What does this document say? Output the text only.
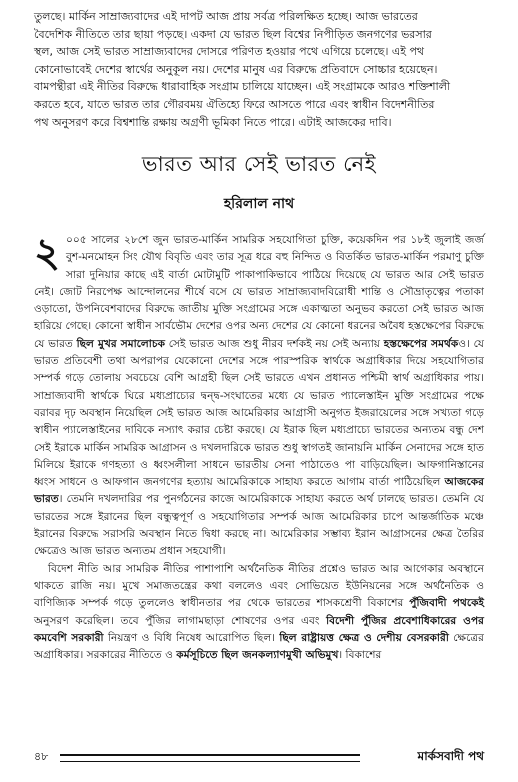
তুলছে। মার্কিন সাম্রাজ্যবাদের এই দাপট আজ প্রায় সর্বত্র পরিলক্ষিত হচ্ছে। আজ ভারতের
বৈদেশিক নীতিতে তার ছায়া পড়ছে। একদা যে ভারত ছিল বিশ্বের নিপীড়িত জনগণের ভরসার
স্থল, আজ সেই ভারত সাম্রাজ্যবাদের দোসরে পরিণত হওয়ার পথে এগিয়ে চলেছে। এই পথ
কোনোভাবেই দেশের স্বার্থের অনুকূল নয়। দেশের মানুষ এর বিরুদ্ধে প্রতিবাদে সোচ্চার হয়েছেন।
বামপন্থীরা এই নীতির বিরুদ্ধে ধারাবাহিক সংগ্রাম চালিয়ে যাচ্ছেন। এই সংগ্রামকে আরও শক্তিশালী
করতে হবে, যাতে ভারত তার গৌরবময় ঐতিহ্যে ফিরে আসতে পারে এবং স্বাধীন বিদেশনীতির
পথ অনুসরণ করে বিশ্বশান্তি রক্ষায় অগ্রণী ভূমিকা নিতে পারে। এটাই আজকের দাবি।
ভারত আর সেই ভারত নেই
হরিলাল নাথ

২ ০০৫ সালের ২৮শে জুন ভারত-মার্কিন সামরিক সহযোগিতা চুক্তি, কয়েকদিন পর ১৮ই জুলাই জর্জ বুশ-মনমোহন সিং যৌথ বিবৃতি এবং তার সূত্র ধরে বহু নিন্দিত ও বিতর্কিত ভারত-মার্কিন পরমাণু চুক্তি সারা দুনিয়ার কাছে এই বার্তা মোটামুটি পাকাপাকিভাবে পাঠিয়ে দিয়েছে যে ভারত আর সেই ভারত নেই। জোট নিরপেক্ষ আন্দোলনের শীর্ষে বসে যে ভারত সাম্রাজ্যবাদবিরোধী শান্তি ও সৌভ্রাতৃত্বের পতাকা ওড়াতো, উপনিবেশবাদের বিরুদ্ধে জাতীয় মুক্তি সংগ্রামের সঙ্গে একাত্মতা অনুভব করতো সেই ভারত আজ হারিয়ে গেছে। কোনো স্বাধীন সার্বভৌম দেশের ওপর অন্য দেশের যে কোনো ধরনের অবৈধ হস্তক্ষেপের বিরুদ্ধে যে ভারত ছিল মুখর সমালোচক সেই ভারত আজ শুধু নীরব দর্শকই নয় সেই অন্যায় হস্তক্ষেপের সমর্থকও। যে ভারত প্রতিবেশী তথা অপরাপর যেকোনো দেশের সঙ্গে পারস্পরিক স্বার্থকে অগ্রাধিকার দিয়ে সহযোগিতার সম্পর্ক গড়ে তোলায় সবচেয়ে বেশি আগ্রহী ছিল সেই ভারতে এখন প্রধানত পশ্চিমী স্বার্থ অগ্রাধিকার পায়। সাম্রাজ্যবাদী স্বার্থকে ঘিরে মধ্যপ্রাচ্যের দ্বন্দ্ব-সংঘাতের মধ্যে যে ভারত প্যালেস্তাইন মুক্তি সংগ্রামের পক্ষে বরাবর দৃঢ় অবস্থান নিয়েছিল সেই ভারত আজ আমেরিকার আগ্রাসী অনুগত ইজরায়েলের সঙ্গে সখ্যতা গড়ে স্বাধীন প্যালেস্তাইনের দাবিকে নস্যাৎ করার চেষ্টা করছে। যে ইরাক ছিল মধ্যপ্রাচ্যে ভারতের অন্যতম বন্ধু দেশ সেই ইরাকে মার্কিন সামরিক আগ্রাসন ও দখলদারিকে ভারত শুধু স্বাগতই জানায়নি মার্কিন সেনাদের সঙ্গে হাত মিলিয়ে ইরাকে গণহত্যা ও ধ্বংসলীলা সাধনে ভারতীয় সেনা পাঠাতেও পা বাড়িয়েছিল। আফগানিস্তানের ধ্বংস সাধনে ও আফগান জনগণের হত্যায় আমেরিকাকে সাহায্য করতে আগাম বার্তা পাঠিয়েছিল আজকের ভারত। তেমনি দখলদারির পর পুনর্গঠনের কাজে আমেরিকাকে সাহায্য করতে অর্থ ঢালছে ভারত। তেমনি যে ভারতের সঙ্গে ইরানের ছিল বন্ধুত্বপূর্ণ ও সহযোগিতার সম্পর্ক আজ আমেরিকার চাপে আন্তর্জাতিক মঞ্চে ইরানের বিরুদ্ধে সরাসরি অবস্থান নিতে দ্বিধা করছে না। আমেরিকার সম্ভাব্য ইরান আগ্রাসনের ক্ষেত্র তৈরির ক্ষেত্রেও আজ ভারত অন্যতম প্রধান সহযোগী।

বিদেশ নীতি আর সামরিক নীতির পাশাপাশি অর্থনৈতিক নীতির প্রশ্নেও ভারত আর আগেকার অবস্থানে থাকতে রাজি নয়। মুখে সমাজতন্ত্রের কথা বললেও এবং সোভিয়েত ইউনিয়নের সঙ্গে অর্থনৈতিক ও বাণিজ্যিক সম্পর্ক গড়ে তুললেও স্বাধীনতার পর থেকে ভারতের শাসকশ্রেণী বিকাশের পুঁজিবাদী পথকেই অনুসরণ করেছিল। তবে পুঁজির লাগামছাড়া শোষণের ওপর এবং বিদেশী পুঁজির প্রবেশাধিকারের ওপর কমবেশি সরকারী নিয়ন্ত্রণ ও বিধি নিষেধ আরোপিত ছিল। ছিল রাষ্ট্রায়ত্ত ক্ষেত্র ও দেশীয় বেসরকারী ক্ষেত্রের অগ্রাধিকার। সরকারের নীতিতে ও কর্মসূচিতে ছিল জনকল্যাণমুখী অভিমুখ। বিকাশের

৪৮	মার্কসবাদী পথ
